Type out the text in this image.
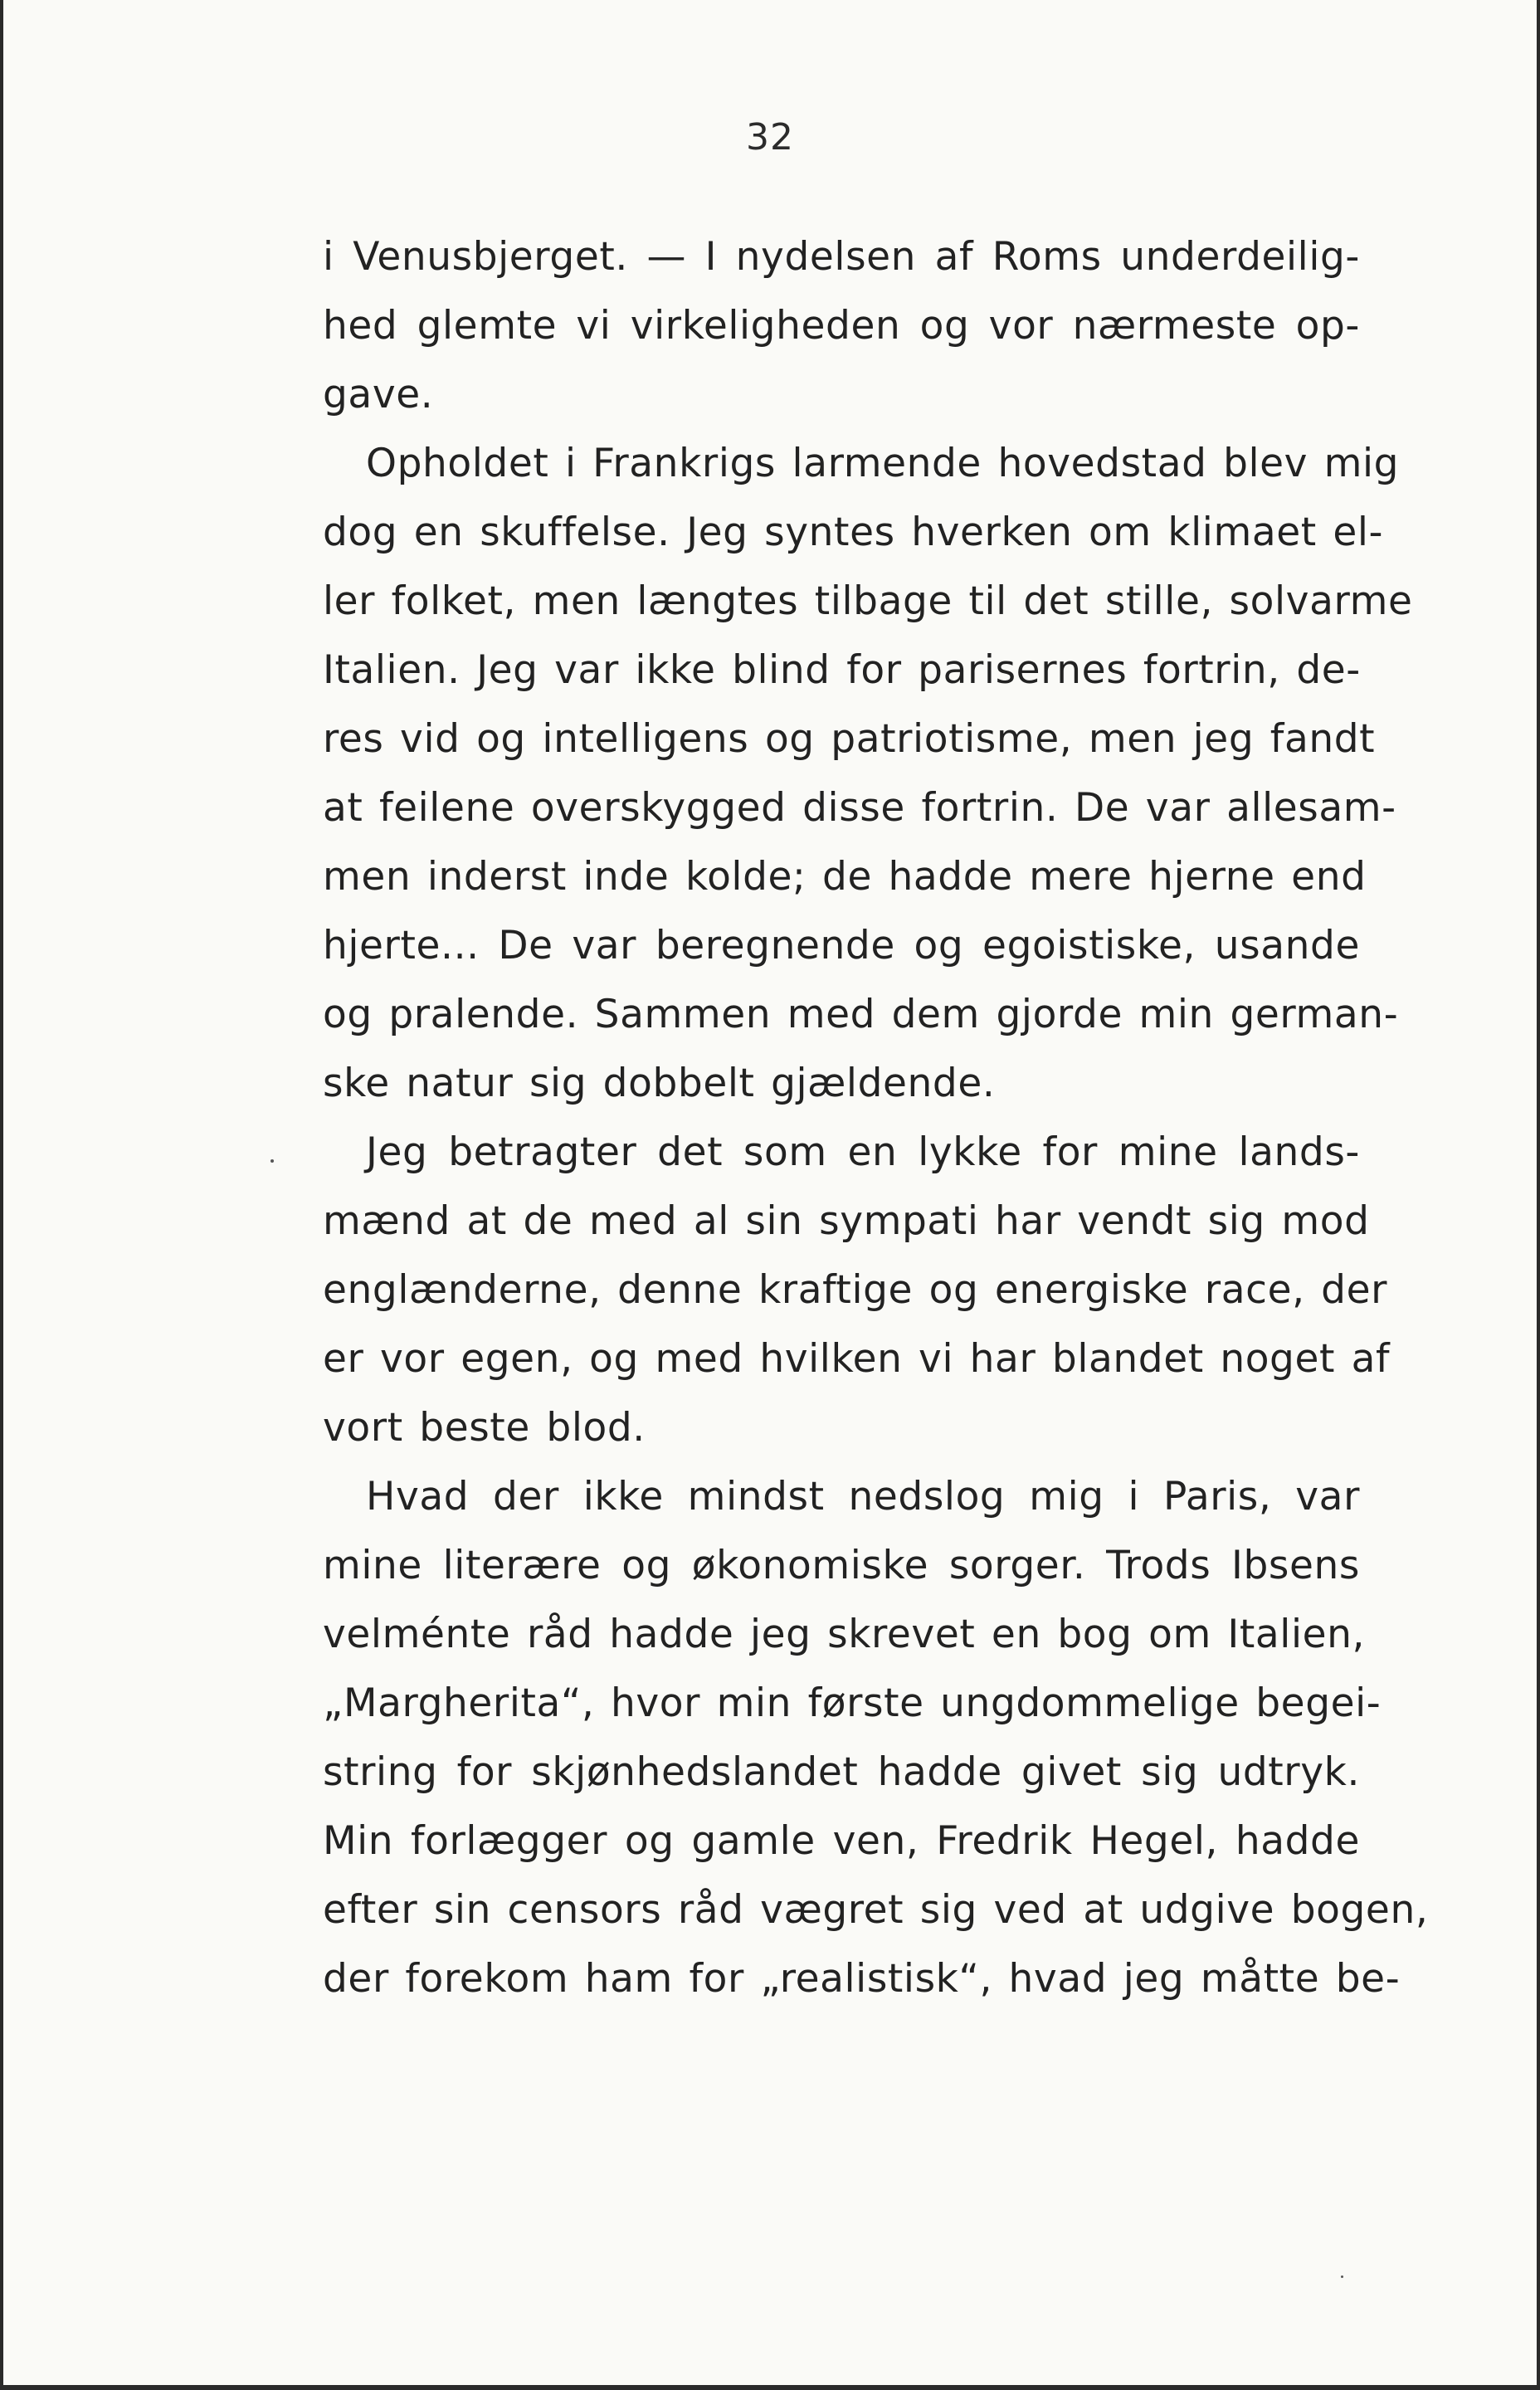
32
i Venusbjerget. — I nydelsen af Roms underdeilig-
hed glemte vi virkeligheden og vor nærmeste op-
gave.
Opholdet i Frankrigs larmende hovedstad blev mig
dog en skuffelse. Jeg syntes hverken om klimaet el-
ler folket, men længtes tilbage til det stille, solvarme
Italien. Jeg var ikke blind for parisernes fortrin, de-
res vid og intelligens og patriotisme, men jeg fandt
at feilene overskygged disse fortrin. De var allesam-
men inderst inde kolde; de hadde mere hjerne end
hjerte... De var beregnende og egoistiske, usande
og pralende. Sammen med dem gjorde min german-
ske natur sig dobbelt gjældende.
Jeg betragter det som en lykke for mine lands-
mænd at de med al sin sympati har vendt sig mod
englænderne, denne kraftige og energiske race, der
er vor egen, og med hvilken vi har blandet noget af
vort beste blod.
Hvad der ikke mindst nedslog mig i Paris, var
mine literære og økonomiske sorger. Trods Ibsens
velménte råd hadde jeg skrevet en bog om Italien,
„Margherita“, hvor min første ungdommelige begei-
string for skjønhedslandet hadde givet sig udtryk.
Min forlægger og gamle ven, Fredrik Hegel, hadde
efter sin censors råd vægret sig ved at udgive bogen,
der forekom ham for „realistisk“, hvad jeg måtte be-
